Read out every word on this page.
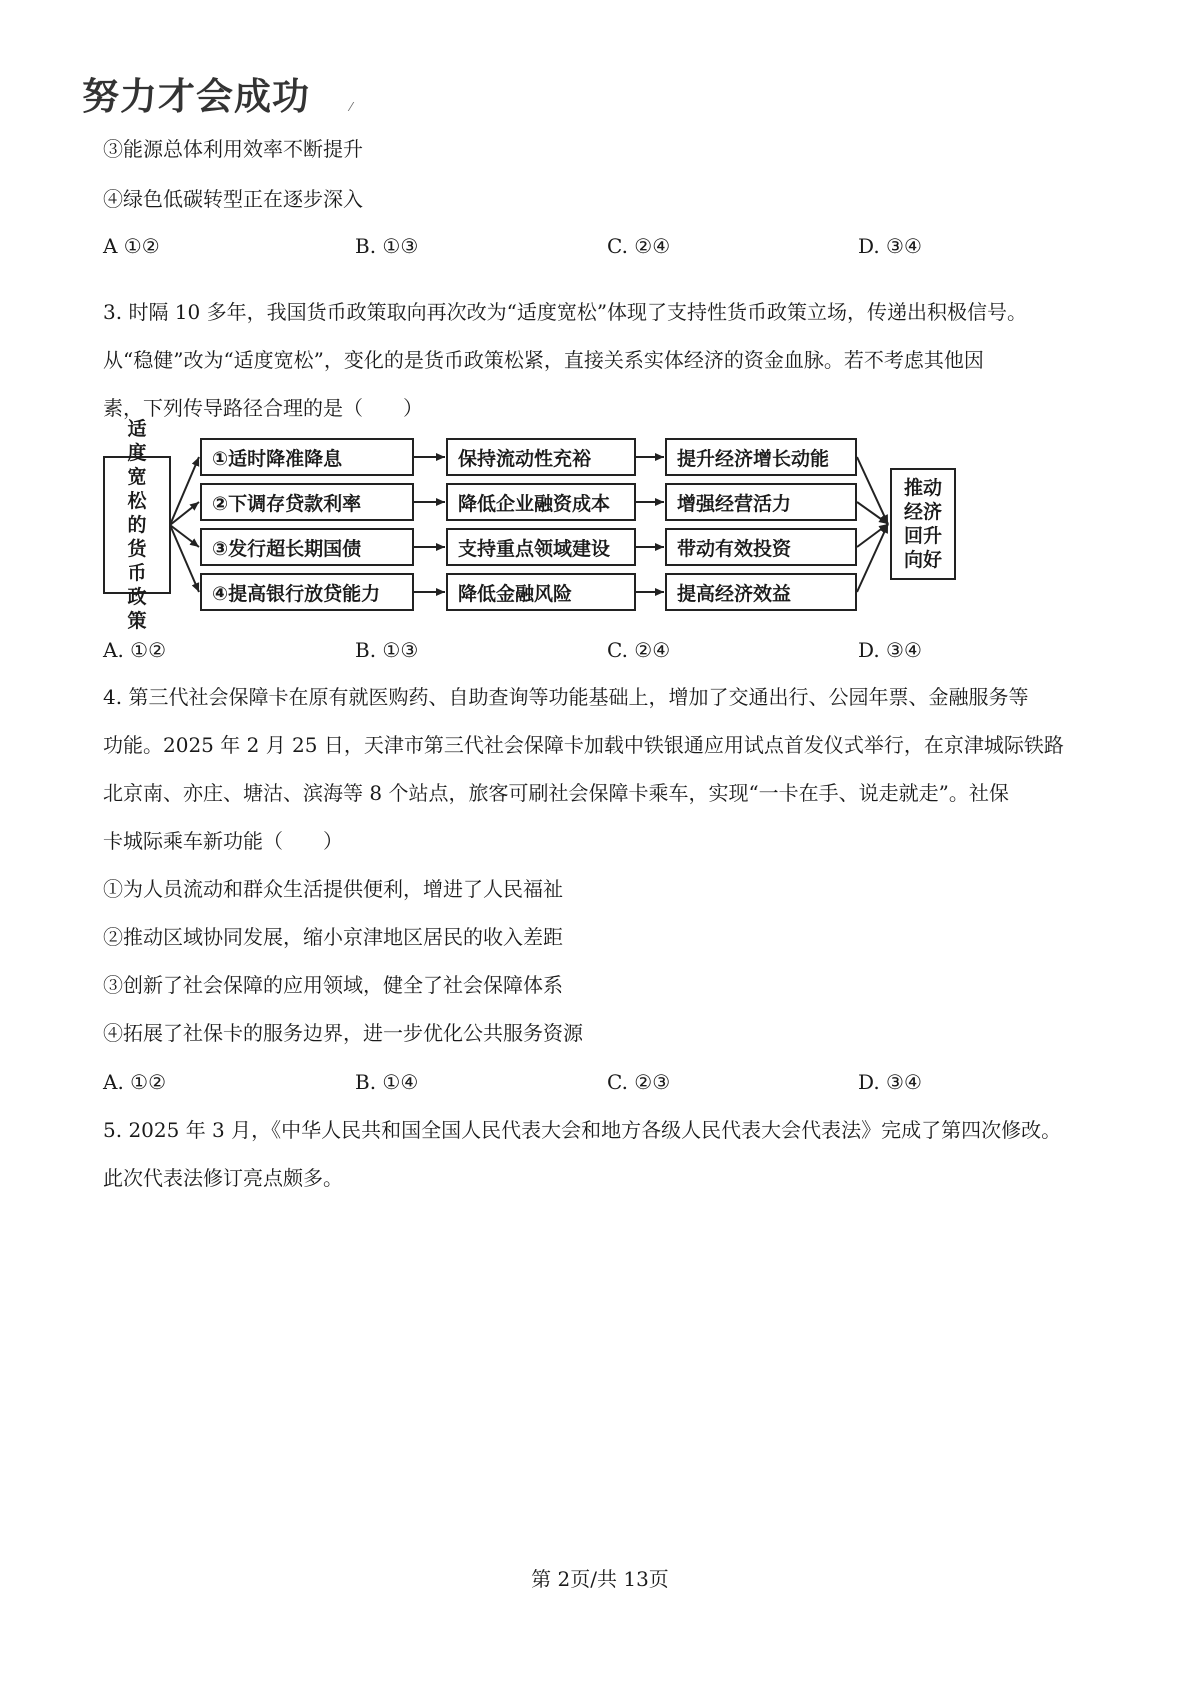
努力才会成功	⁄
③能源总体利用效率不断提升
④绿色低碳转型正在逐步深入
A ①②	B. ①③	C. ②④	D. ③④
3. 时隔 10 多年，我国货币政策取向再次改为“适度宽松”体现了支持性货币政策立场，传递出积极信号。
从“稳健”改为“适度宽松”，变化的是货币政策松紧，直接关系实体经济的资金血脉。若不考虑其他因
素，下列传导路径合理的是（　　）
适度宽松的货币政策
①适时降准降息
②下调存贷款利率
③发行超长期国债
④提高银行放贷能力
保持流动性充裕
降低企业融资成本
支持重点领域建设
降低金融风险
提升经济增长动能
增强经营活力
带动有效投资
提高经济效益
推动经济回升向好
A. ①②	B. ①③	C. ②④	D. ③④
4. 第三代社会保障卡在原有就医购药、自助查询等功能基础上，增加了交通出行、公园年票、金融服务等
功能。2025 年 2 月 25 日，天津市第三代社会保障卡加载中铁银通应用试点首发仪式举行，在京津城际铁路
北京南、亦庄、塘沽、滨海等 8 个站点，旅客可刷社会保障卡乘车，实现“一卡在手、说走就走”。社保
卡城际乘车新功能（　　）
①为人员流动和群众生活提供便利，增进了人民福祉
②推动区域协同发展，缩小京津地区居民的收入差距
③创新了社会保障的应用领域，健全了社会保障体系
④拓展了社保卡的服务边界，进一步优化公共服务资源
A. ①②	B. ①④	C. ②③	D. ③④
5. 2025 年 3 月，《中华人民共和国全国人民代表大会和地方各级人民代表大会代表法》完成了第四次修改。
此次代表法修订亮点颇多。
第 2页/共 13页
